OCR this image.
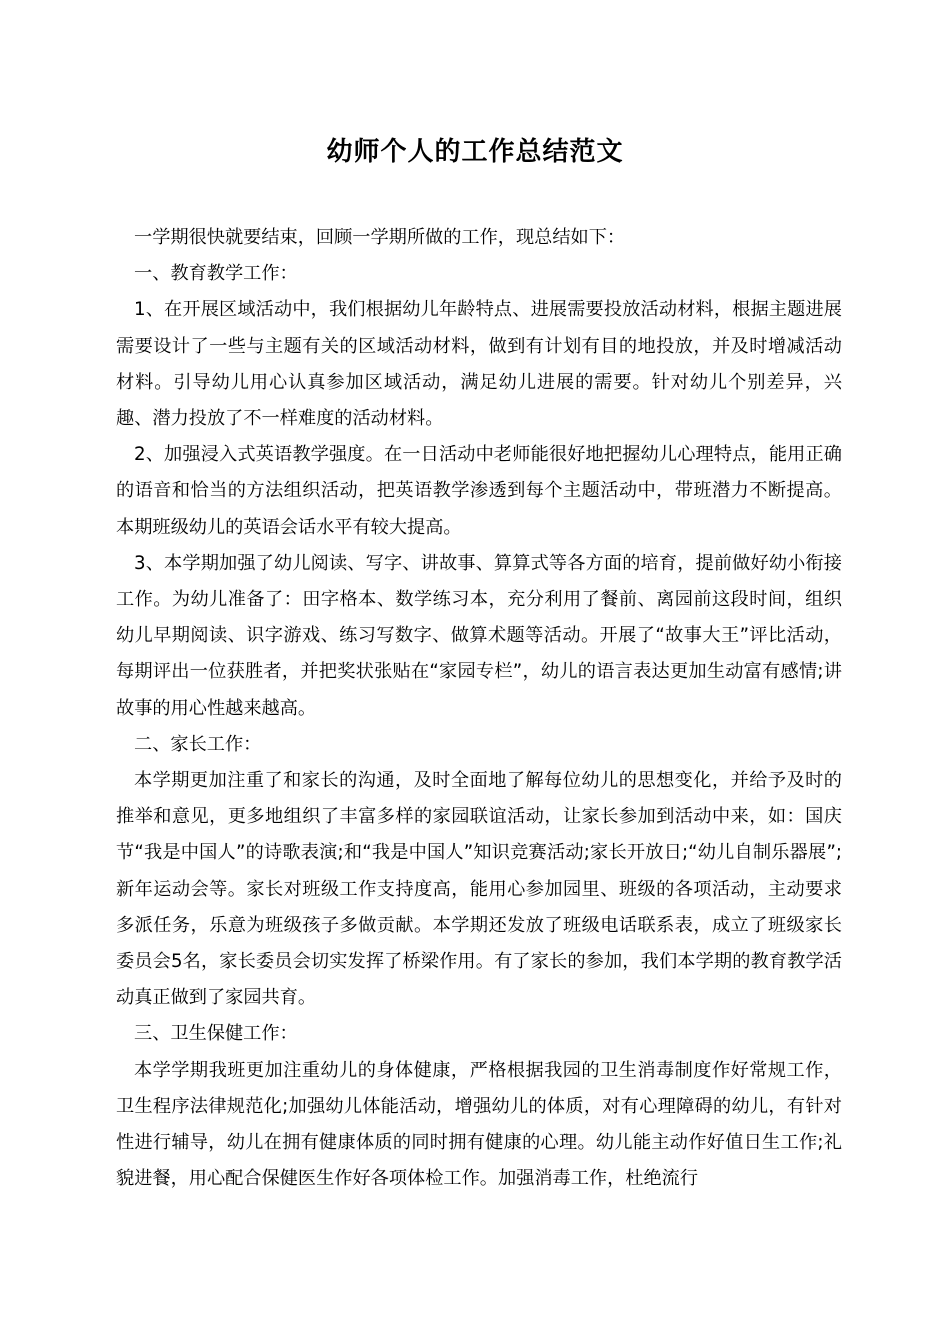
幼师个人的工作总结范文

一学期很快就要结束，回顾一学期所做的工作，现总结如下：

一、教育教学工作：

1、在开展区域活动中，我们根据幼儿年龄特点、进展需要投放活动材料，根据主题进展需要设计了一些与主题有关的区域活动材料，做到有计划有目的地投放，并及时增减活动材料。引导幼儿用心认真参加区域活动，满足幼儿进展的需要。针对幼儿个别差异，兴趣、潜力投放了不一样难度的活动材料。

2、加强浸入式英语教学强度。在一日活动中老师能很好地把握幼儿心理特点，能用正确的语音和恰当的方法组织活动，把英语教学渗透到每个主题活动中，带班潜力不断提高。本期班级幼儿的英语会话水平有较大提高。

3、本学期加强了幼儿阅读、写字、讲故事、算算式等各方面的培育，提前做好幼小衔接工作。为幼儿准备了：田字格本、数学练习本，充分利用了餐前、离园前这段时间，组织幼儿早期阅读、识字游戏、练习写数字、做算术题等活动。开展了“故事大王”评比活动，每期评出一位获胜者，并把奖状张贴在“家园专栏”，幼儿的语言表达更加生动富有感情;讲故事的用心性越来越高。

二、家长工作：

本学期更加注重了和家长的沟通，及时全面地了解每位幼儿的思想变化，并给予及时的推举和意见，更多地组织了丰富多样的家园联谊活动，让家长参加到活动中来，如：国庆节“我是中国人”的诗歌表演;和“我是中国人”知识竞赛活动;家长开放日;“幼儿自制乐器展”;新年运动会等。家长对班级工作支持度高，能用心参加园里、班级的各项活动，主动要求多派任务，乐意为班级孩子多做贡献。本学期还发放了班级电话联系表，成立了班级家长委员会5名，家长委员会切实发挥了桥梁作用。有了家长的参加，我们本学期的教育教学活动真正做到了家园共育。

三、卫生保健工作：

本学学期我班更加注重幼儿的身体健康，严格根据我园的卫生消毒制度作好常规工作，卫生程序法律规范化;加强幼儿体能活动，增强幼儿的体质，对有心理障碍的幼儿，有针对性进行辅导，幼儿在拥有健康体质的同时拥有健康的心理。幼儿能主动作好值日生工作;礼貌进餐，用心配合保健医生作好各项体检工作。加强消毒工作，杜绝流行
